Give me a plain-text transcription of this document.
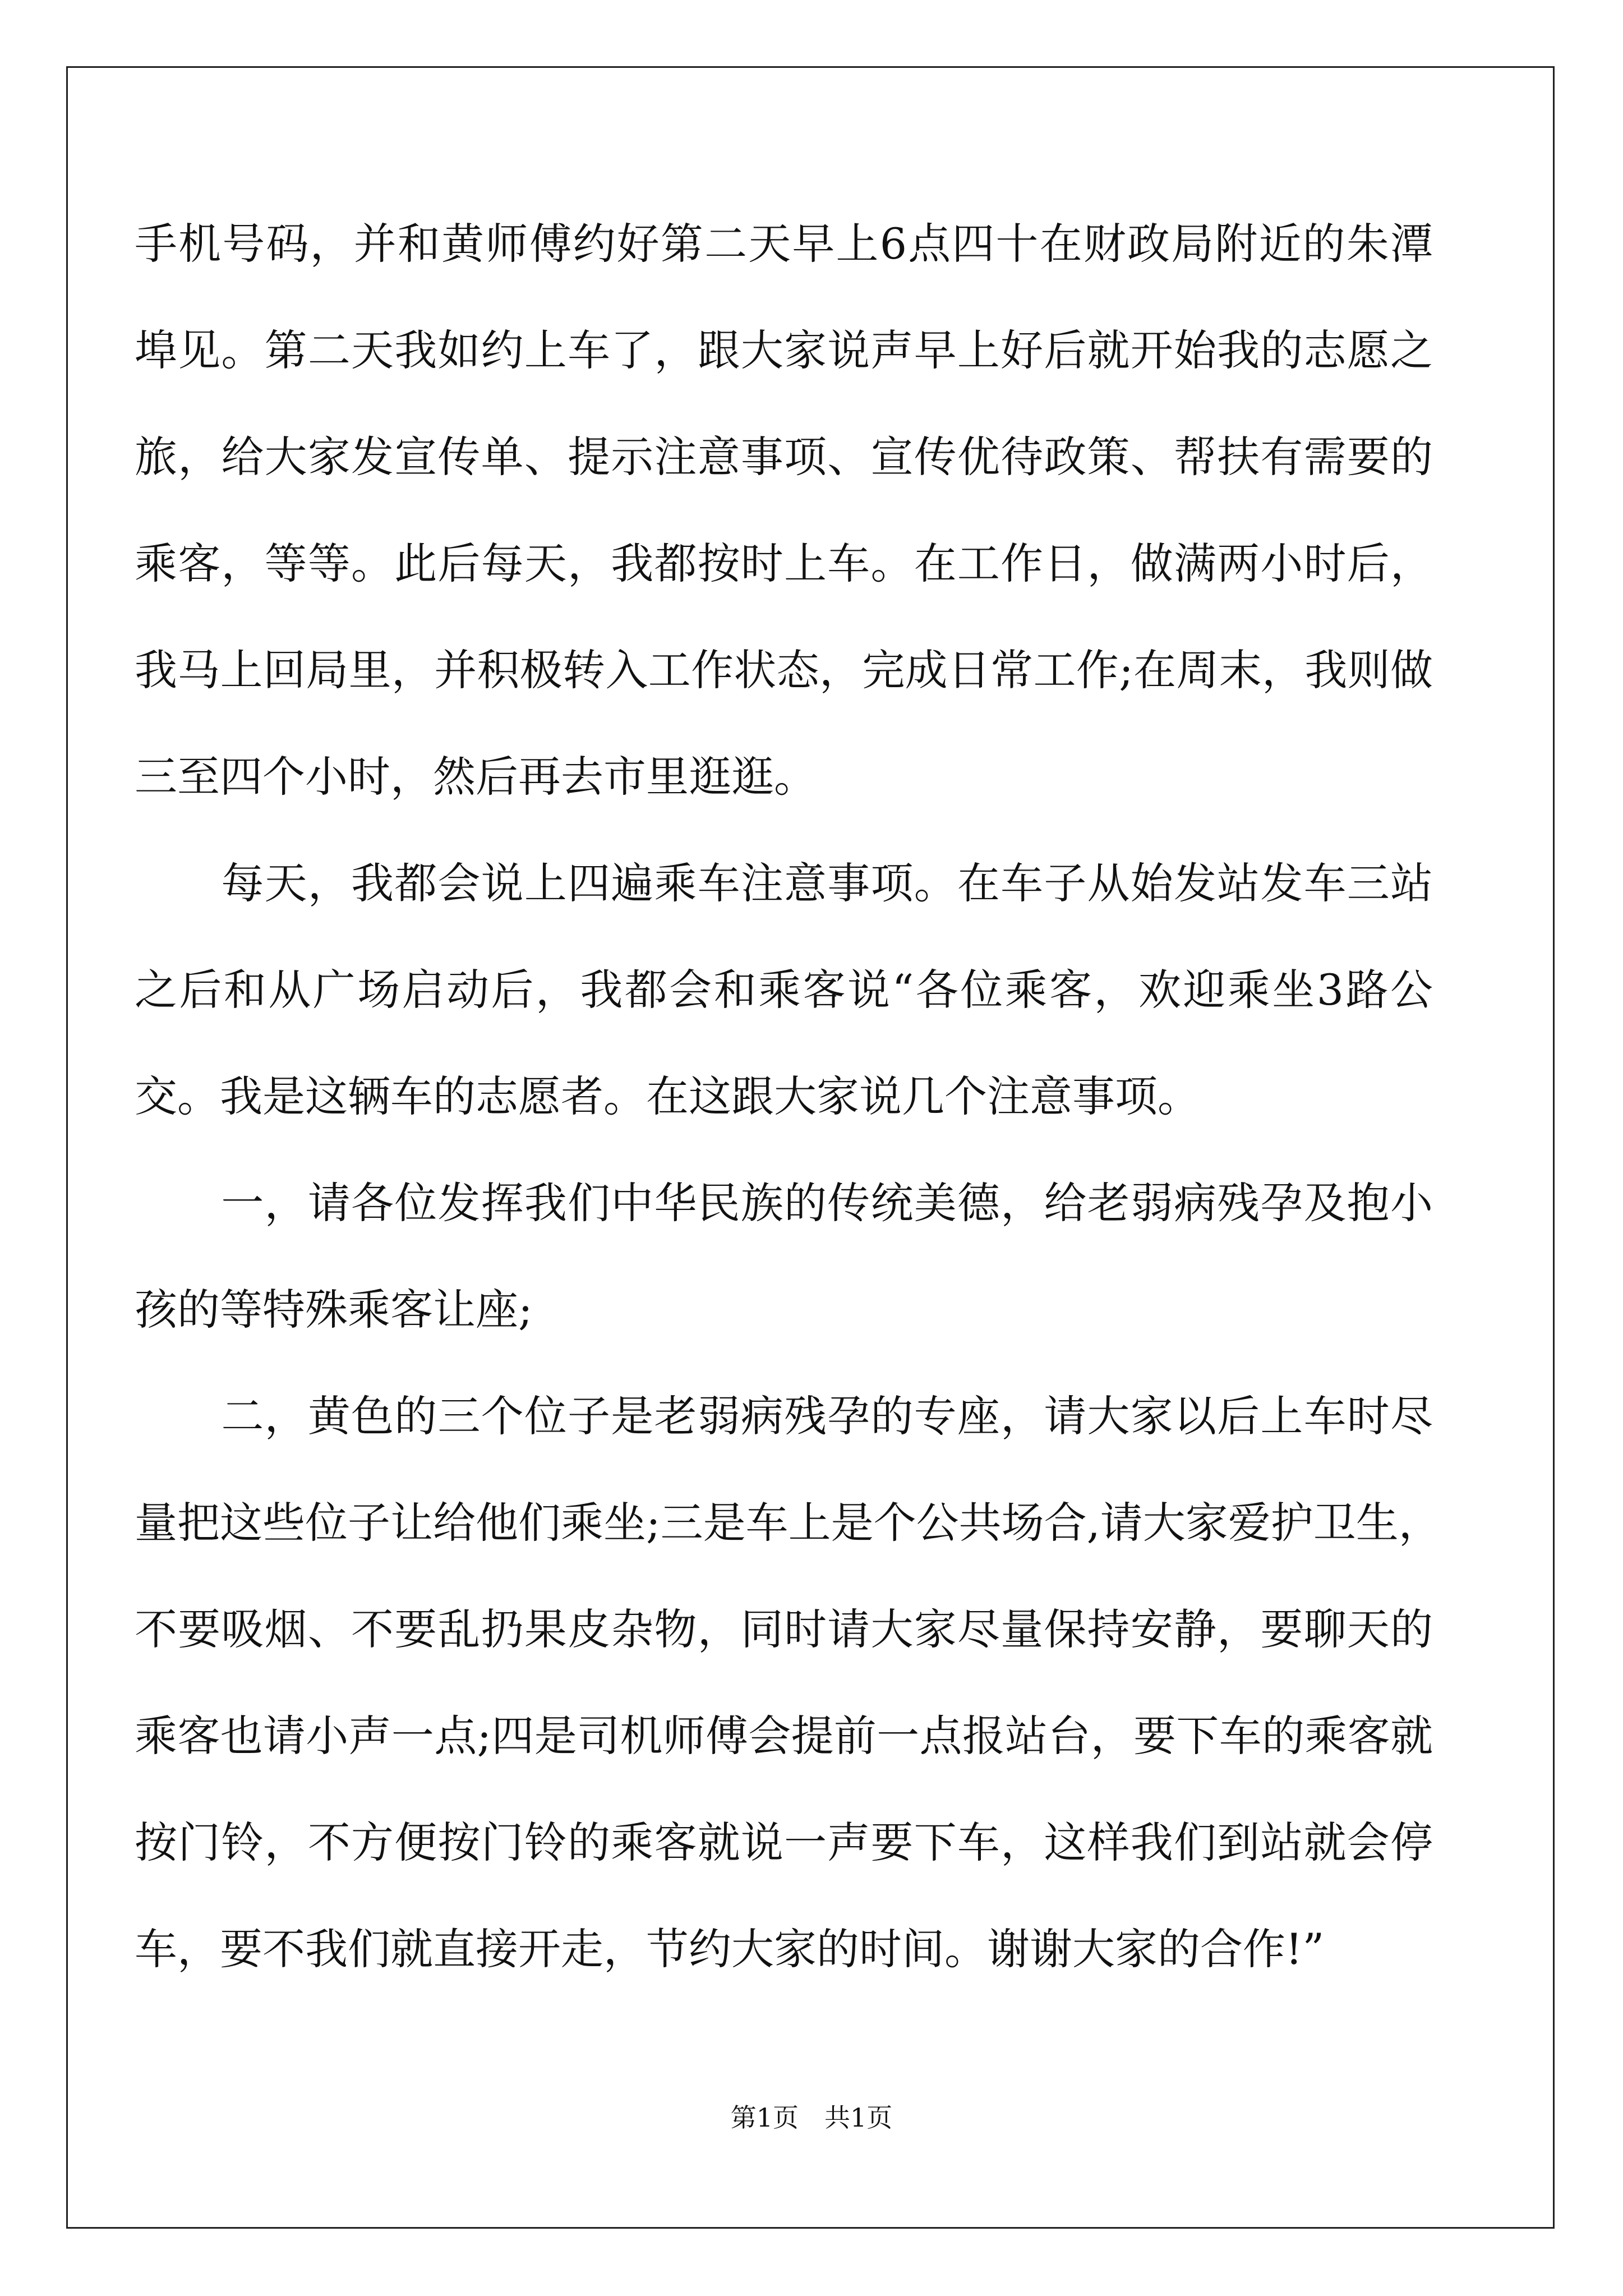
手机号码，并和黄师傅约好第二天早上6点四十在财政局附近的朱潭
埠见。第二天我如约上车了，跟大家说声早上好后就开始我的志愿之
旅，给大家发宣传单、提示注意事项、宣传优待政策、帮扶有需要的
乘客，等等。此后每天，我都按时上车。在工作日，做满两小时后，
我马上回局里，并积极转入工作状态，完成日常工作;在周末，我则做
三至四个小时，然后再去市里逛逛。
　　每天，我都会说上四遍乘车注意事项。在车子从始发站发车三站
之后和从广场启动后，我都会和乘客说“各位乘客，欢迎乘坐3路公
交。我是这辆车的志愿者。在这跟大家说几个注意事项。
　　一，请各位发挥我们中华民族的传统美德，给老弱病残孕及抱小
孩的等特殊乘客让座;
　　二，黄色的三个位子是老弱病残孕的专座，请大家以后上车时尽
量把这些位子让给他们乘坐;三是车上是个公共场合,请大家爱护卫生，
不要吸烟、不要乱扔果皮杂物，同时请大家尽量保持安静，要聊天的
乘客也请小声一点;四是司机师傅会提前一点报站台，要下车的乘客就
按门铃，不方便按门铃的乘客就说一声要下车，这样我们到站就会停
车，要不我们就直接开走，节约大家的时间。谢谢大家的合作!”
第1页　共1页
